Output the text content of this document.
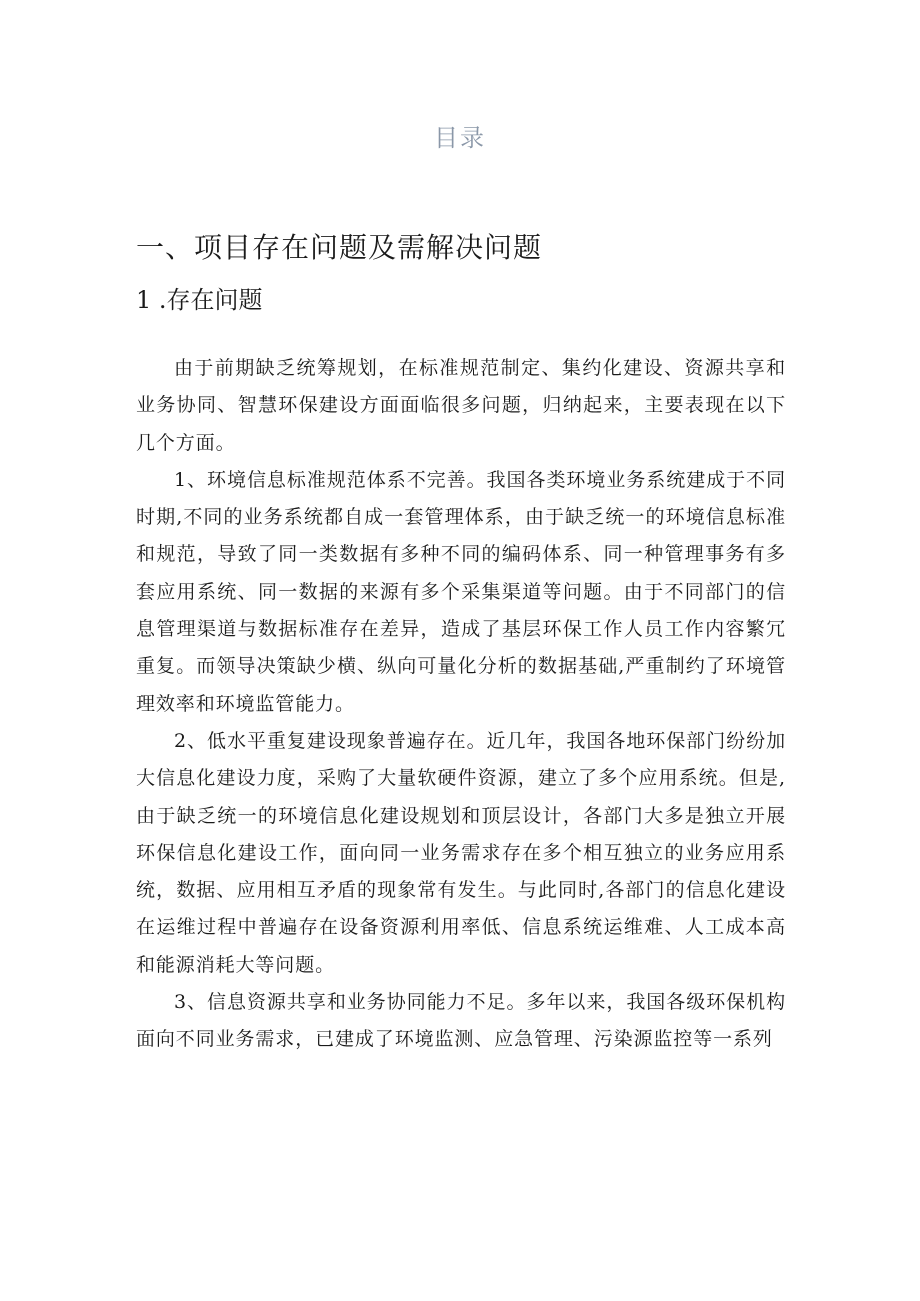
目录
一、项目存在问题及需解决问题
1 .存在问题

由于前期缺乏统筹规划，在标准规范制定、集约化建设、资源共享和业务协同、智慧环保建设方面面临很多问题，归纳起来，主要表现在以下几个方面。

1、环境信息标准规范体系不完善。我国各类环境业务系统建成于不同时期,不同的业务系统都自成一套管理体系，由于缺乏统一的环境信息标准和规范，导致了同一类数据有多种不同的编码体系、同一种管理事务有多套应用系统、同一数据的来源有多个采集渠道等问题。由于不同部门的信息管理渠道与数据标准存在差异，造成了基层环保工作人员工作内容繁冗重复。而领导决策缺少横、纵向可量化分析的数据基础,严重制约了环境管理效率和环境监管能力。

2、低水平重复建设现象普遍存在。近几年，我国各地环保部门纷纷加大信息化建设力度，采购了大量软硬件资源，建立了多个应用系统。但是,由于缺乏统一的环境信息化建设规划和顶层设计，各部门大多是独立开展环保信息化建设工作，面向同一业务需求存在多个相互独立的业务应用系统，数据、应用相互矛盾的现象常有发生。与此同时,各部门的信息化建设在运维过程中普遍存在设备资源利用率低、信息系统运维难、人工成本高和能源消耗大等问题。

3、信息资源共享和业务协同能力不足。多年以来，我国各级环保机构面向不同业务需求，已建成了环境监测、应急管理、污染源监控等一系列
